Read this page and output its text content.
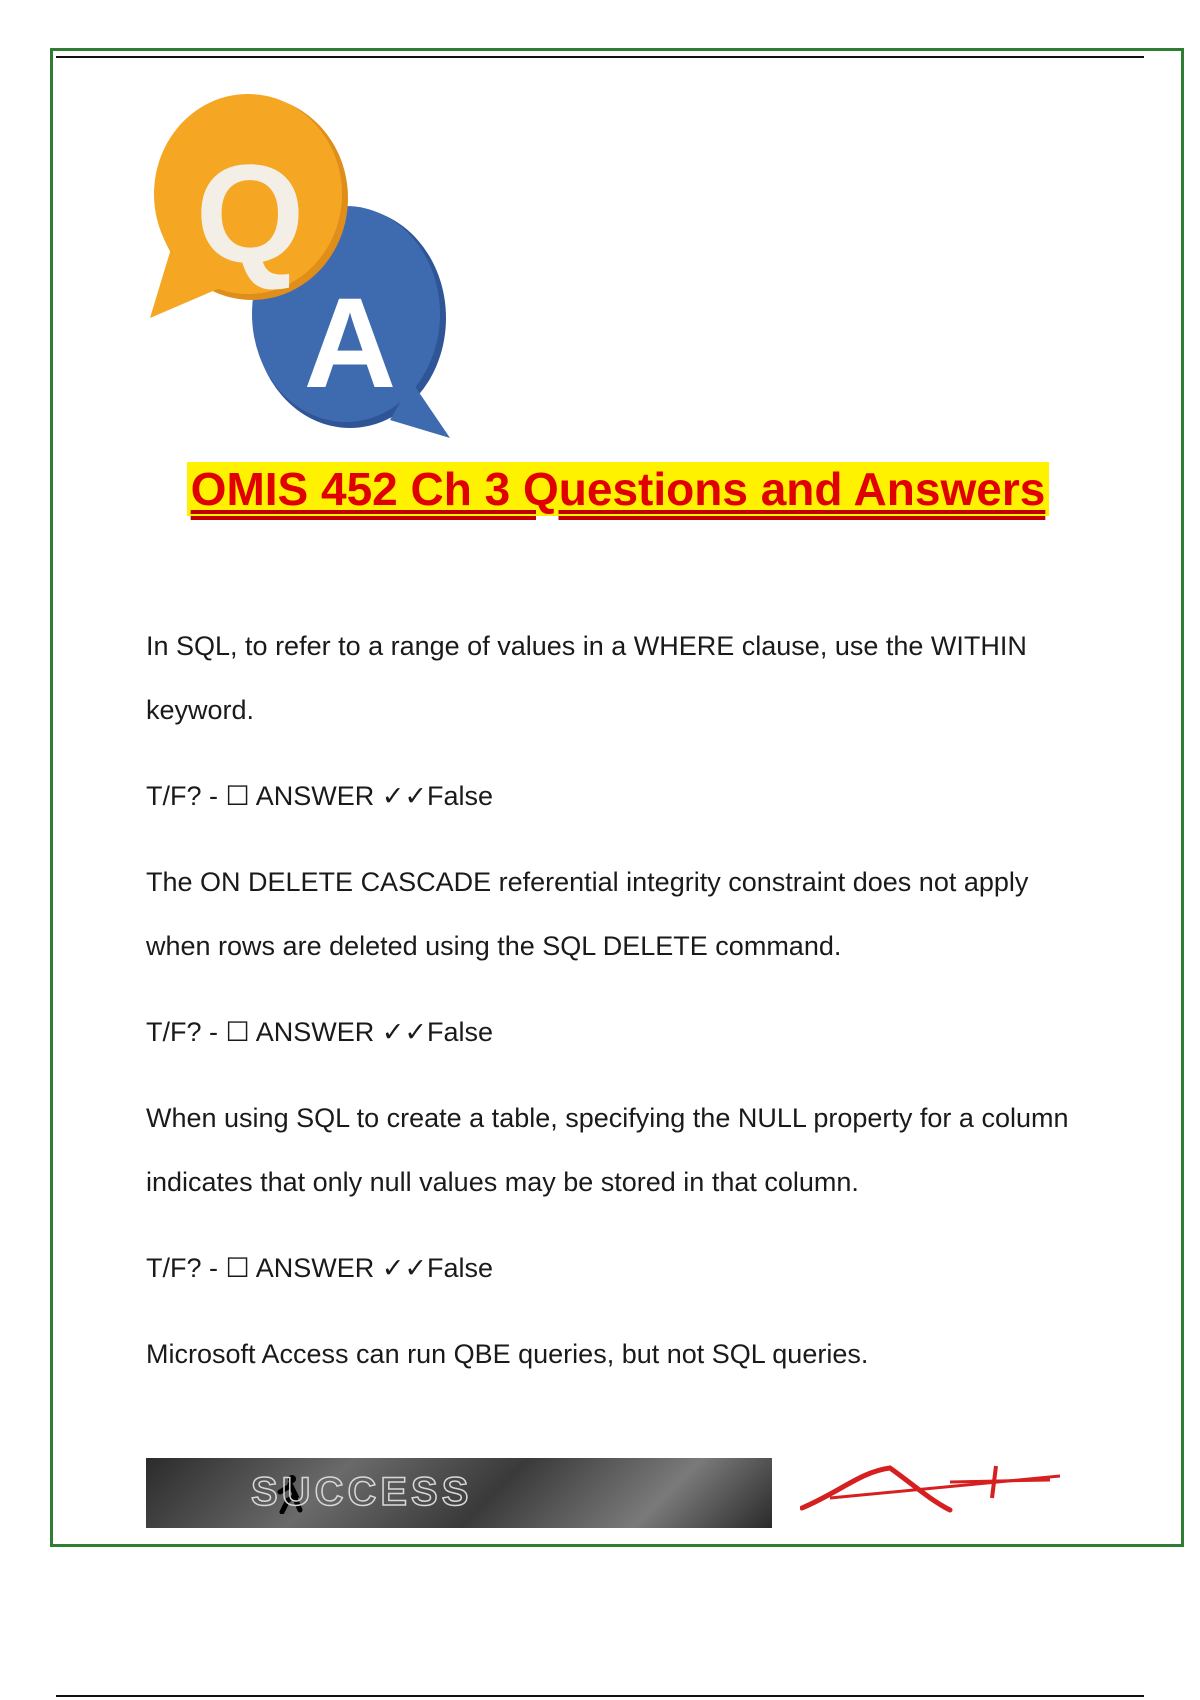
A
Q
OMIS 452 Ch 3 Questions and Answers

In SQL, to refer to a range of values in a WHERE clause, use the WITHIN keyword.

T/F? - ☐ ANSWER ✓✓False

The ON DELETE CASCADE referential integrity constraint does not apply when rows are deleted using the SQL DELETE command.

T/F? - ☐ ANSWER ✓✓False

When using SQL to create a table, specifying the NULL property for a column indicates that only null values may be stored in that column.

T/F? - ☐ ANSWER ✓✓False

Microsoft Access can run QBE queries, but not SQL queries.

SUCCESS
